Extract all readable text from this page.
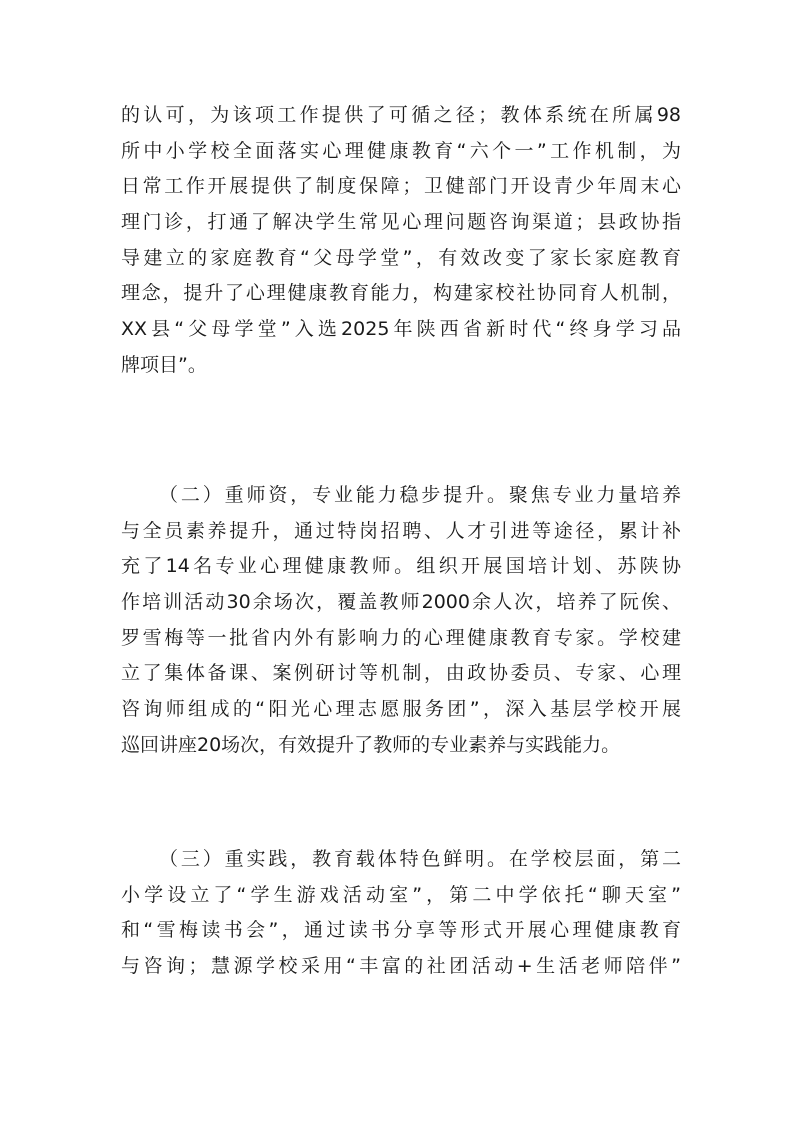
的认可，为该项工作提供了可循之径；教体系统在所属98
所中小学校全面落实心理健康教育“六个一”工作机制，为
日常工作开展提供了制度保障；卫健部门开设青少年周末心
理门诊，打通了解决学生常见心理问题咨询渠道；县政协指
导建立的家庭教育“父母学堂”，有效改变了家长家庭教育
理念，提升了心理健康教育能力，构建家校社协同育人机制，
XX县“父母学堂”入选2025年陕西省新时代“终身学习品
牌项目”。
（二）重师资，专业能力稳步提升。聚焦专业力量培养
与全员素养提升，通过特岗招聘、人才引进等途径，累计补
充了14名专业心理健康教师。组织开展国培计划、苏陕协
作培训活动30余场次，覆盖教师2000余人次，培养了阮俟、
罗雪梅等一批省内外有影响力的心理健康教育专家。学校建
立了集体备课、案例研讨等机制，由政协委员、专家、心理
咨询师组成的“阳光心理志愿服务团”，深入基层学校开展
巡回讲座20场次，有效提升了教师的专业素养与实践能力。
（三）重实践，教育载体特色鲜明。在学校层面，第二
小学设立了“学生游戏活动室”，第二中学依托“聊天室”
和“雪梅读书会”，通过读书分享等形式开展心理健康教育
与咨询；慧源学校采用“丰富的社团活动+生活老师陪伴”
